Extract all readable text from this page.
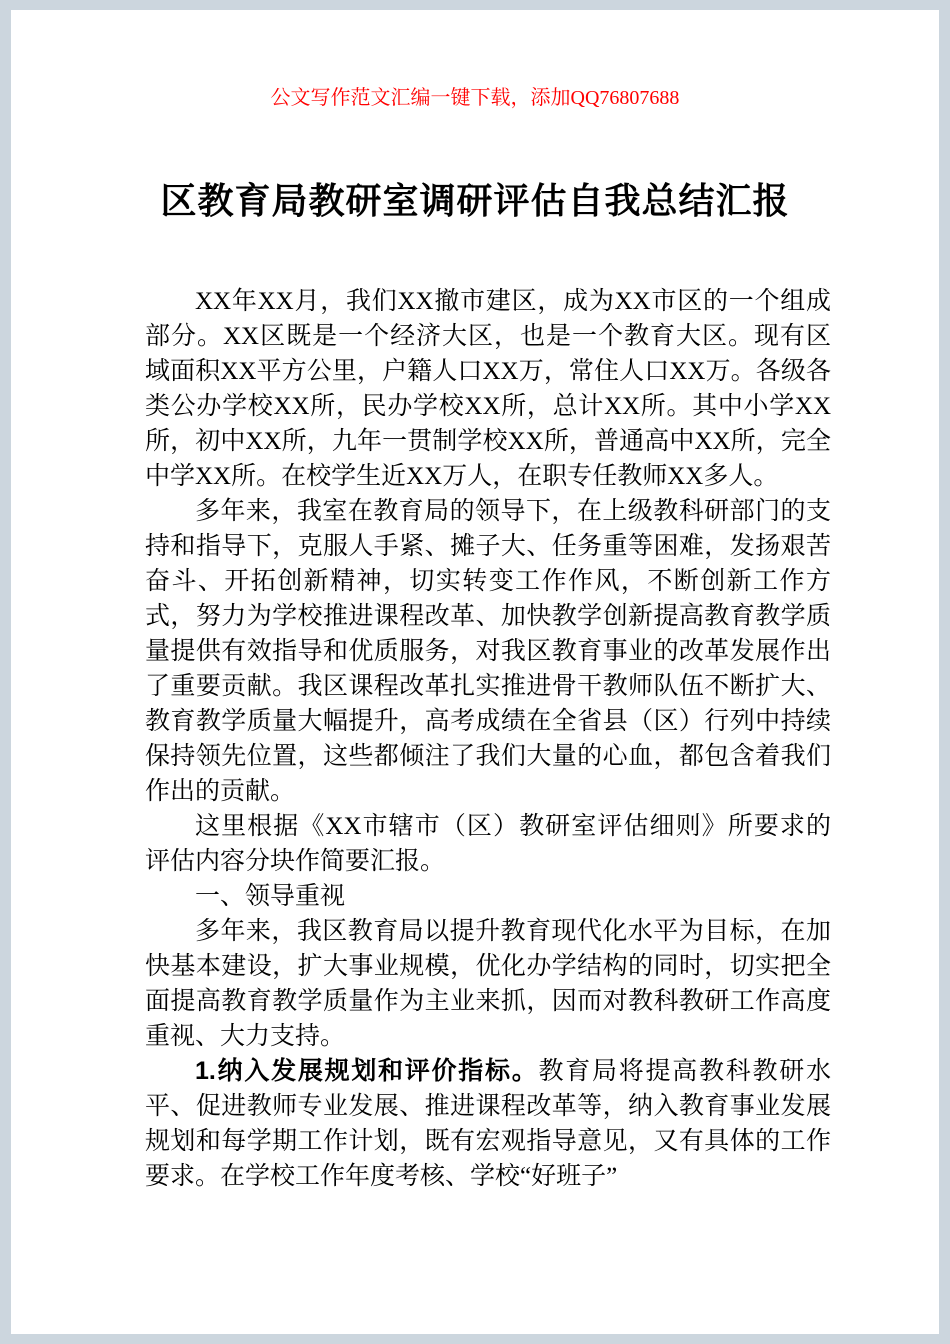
公文写作范文汇编一键下载，添加QQ76807688
区教育局教研室调研评估自我总结汇报

XX年XX月，我们XX撤市建区，成为XX市区的一个组成部分。XX区既是一个经济大区，也是一个教育大区。现有区域面积XX平方公里，户籍人口XX万，常住人口XX万。各级各类公办学校XX所，民办学校XX所，总计XX所。其中小学XX所，初中XX所，九年一贯制学校XX所，普通高中XX所，完全中学XX所。在校学生近XX万人，在职专任教师XX多人。

多年来，我室在教育局的领导下，在上级教科研部门的支持和指导下，克服人手紧、摊子大、任务重等困难，发扬艰苦奋斗、开拓创新精神，切实转变工作作风，不断创新工作方式，努力为学校推进课程改革、加快教学创新提高教育教学质量提供有效指导和优质服务，对我区教育事业的改革发展作出了重要贡献。我区课程改革扎实推进骨干教师队伍不断扩大、教育教学质量大幅提升，高考成绩在全省县（区）行列中持续保持领先位置，这些都倾注了我们大量的心血，都包含着我们作出的贡献。

这里根据《XX市辖市（区）教研室评估细则》所要求的评估内容分块作简要汇报。

一、领导重视

多年来，我区教育局以提升教育现代化水平为目标，在加快基本建设，扩大事业规模，优化办学结构的同时，切实把全面提高教育教学质量作为主业来抓，因而对教科教研工作高度重视、大力支持。

1.纳入发展规划和评价指标。教育局将提高教科教研水平、促进教师专业发展、推进课程改革等，纳入教育事业发展规划和每学期工作计划，既有宏观指导意见，又有具体的工作要求。在学校工作年度考核、学校“好班子”
